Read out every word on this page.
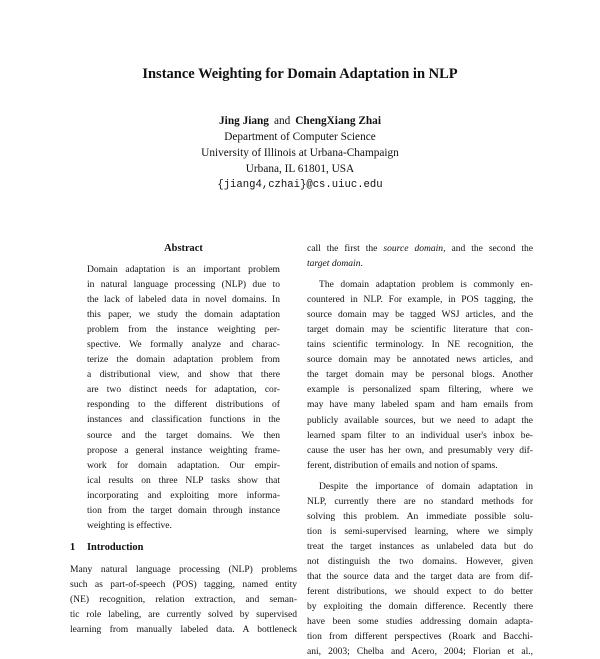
Instance Weighting for Domain Adaptation in NLP
Jing Jiang and ChengXiang Zhai
Department of Computer Science
University of Illinois at Urbana-Champaign
Urbana, IL 61801, USA
{jiang4,czhai}@cs.uiuc.edu
Abstract
Domain adaptation is an important problem
in natural language processing (NLP) due to
the lack of labeled data in novel domains. In
this paper, we study the domain adaptation
problem from the instance weighting per-
spective. We formally analyze and charac-
terize the domain adaptation problem from
a distributional view, and show that there
are two distinct needs for adaptation, cor-
responding to the different distributions of
instances and classification functions in the
source and the target domains. We then
propose a general instance weighting frame-
work for domain adaptation. Our empir-
ical results on three NLP tasks show that
incorporating and exploiting more informa-
tion from the target domain through instance
weighting is effective.
1 Introduction
Many natural language processing (NLP) problems
such as part-of-speech (POS) tagging, named entity
(NE) recognition, relation extraction, and seman-
tic role labeling, are currently solved by supervised
learning from manually labeled data. A bottleneck
call the first the source domain, and the second the
target domain.
The domain adaptation problem is commonly en-
countered in NLP. For example, in POS tagging, the
source domain may be tagged WSJ articles, and the
target domain may be scientific literature that con-
tains scientific terminology. In NE recognition, the
source domain may be annotated news articles, and
the target domain may be personal blogs. Another
example is personalized spam filtering, where we
may have many labeled spam and ham emails from
publicly available sources, but we need to adapt the
learned spam filter to an individual user's inbox be-
cause the user has her own, and presumably very dif-
ferent, distribution of emails and notion of spams.
Despite the importance of domain adaptation in
NLP, currently there are no standard methods for
solving this problem. An immediate possible solu-
tion is semi-supervised learning, where we simply
treat the target instances as unlabeled data but do
not distinguish the two domains. However, given
that the source data and the target data are from dif-
ferent distributions, we should expect to do better
by exploiting the domain difference. Recently there
have been some studies addressing domain adapta-
tion from different perspectives (Roark and Bacchi-
ani, 2003; Chelba and Acero, 2004; Florian et al.,
